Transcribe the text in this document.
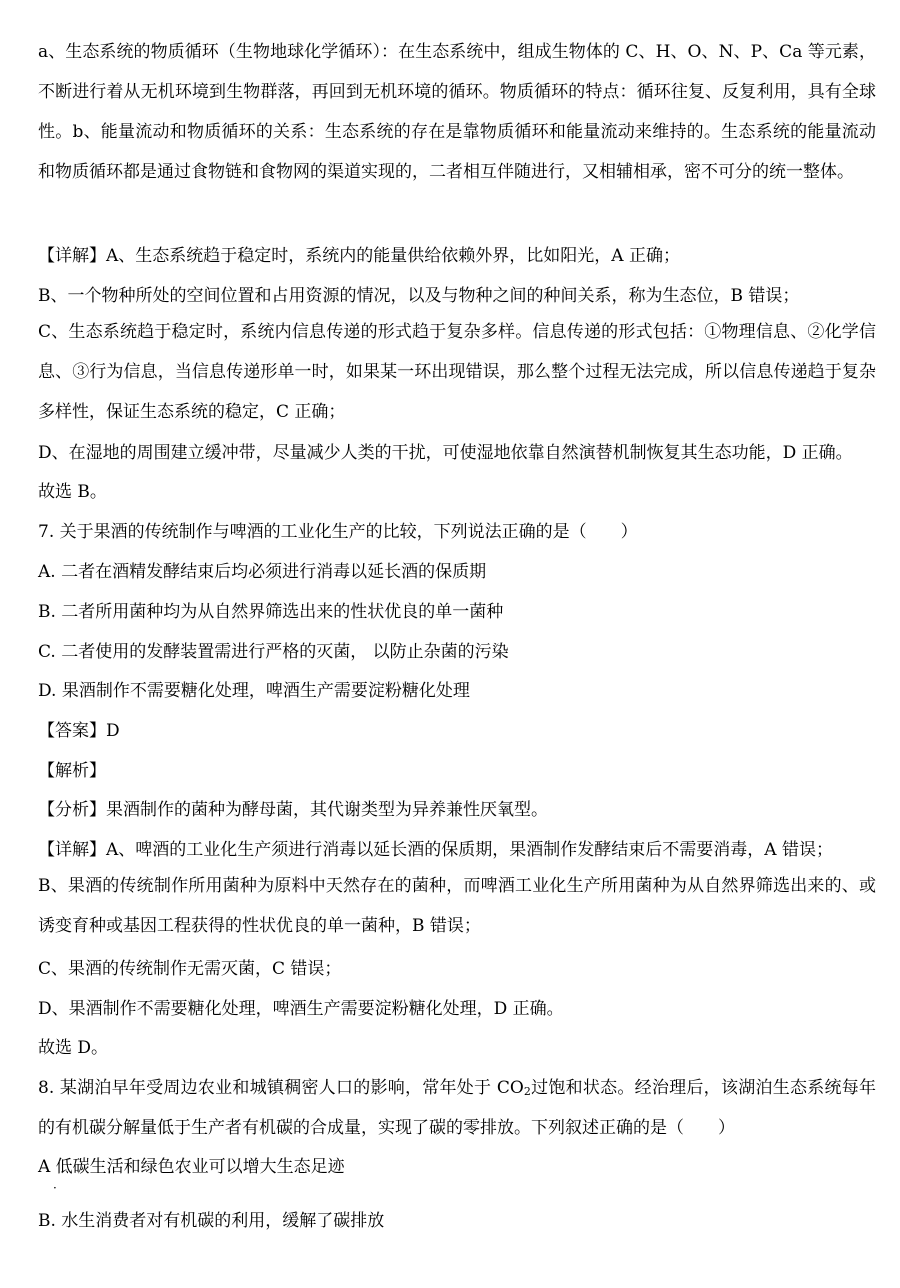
a、生态系统的物质循环（生物地球化学循环）：在生态系统中，组成生物体的 C、H、O、N、P、Ca 等元素，不断进行着从无机环境到生物群落，再回到无机环境的循环。物质循环的特点：循环往复、反复利用，具有全球性。b、能量流动和物质循环的关系：生态系统的存在是靠物质循环和能量流动来维持的。生态系统的能量流动和物质循环都是通过食物链和食物网的渠道实现的，二者相互伴随进行，又相辅相承，密不可分的统一整体。

【详解】A、生态系统趋于稳定时，系统内的能量供给依赖外界，比如阳光，A 正确；

B、一个物种所处的空间位置和占用资源的情况，以及与物种之间的种间关系，称为生态位，B 错误；

C、生态系统趋于稳定时，系统内信息传递的形式趋于复杂多样。信息传递的形式包括：①物理信息、②化学信息、③行为信息，当信息传递形单一时，如果某一环出现错误，那么整个过程无法完成，所以信息传递趋于复杂多样性，保证生态系统的稳定，C 正确；

D、在湿地的周围建立缓冲带，尽量减少人类的干扰，可使湿地依靠自然演替机制恢复其生态功能，D 正确。

故选 B。

7. 关于果酒的传统制作与啤酒的工业化生产的比较，下列说法正确的是（　　）

A. 二者在酒精发酵结束后均必须进行消毒以延长酒的保质期

B. 二者所用菌种均为从自然界筛选出来的性状优良的单一菌种

C. 二者使用的发酵装置需进行严格的灭菌， 以防止杂菌的污染

D. 果酒制作不需要糖化处理，啤酒生产需要淀粉糖化处理

【答案】D

【解析】

【分析】果酒制作的菌种为酵母菌，其代谢类型为异养兼性厌氧型。

【详解】A、啤酒的工业化生产须进行消毒以延长酒的保质期，果酒制作发酵结束后不需要消毒，A 错误；

B、果酒的传统制作所用菌种为原料中天然存在的菌种，而啤酒工业化生产所用菌种为从自然界筛选出来的、或诱变育种或基因工程获得的性状优良的单一菌种，B 错误；

C、果酒的传统制作无需灭菌，C 错误；

D、果酒制作不需要糖化处理，啤酒生产需要淀粉糖化处理，D 正确。

故选 D。

8. 某湖泊早年受周边农业和城镇稠密人口的影响，常年处于 $CO_2$过饱和状态。经治理后，该湖泊生态系统每年的有机碳分解量低于生产者有机碳的合成量，实现了碳的零排放。下列叙述正确的是（　　）

A 低碳生活和绿色农业可以增大生态足迹

·

B. 水生消费者对有机碳的利用，缓解了碳排放
